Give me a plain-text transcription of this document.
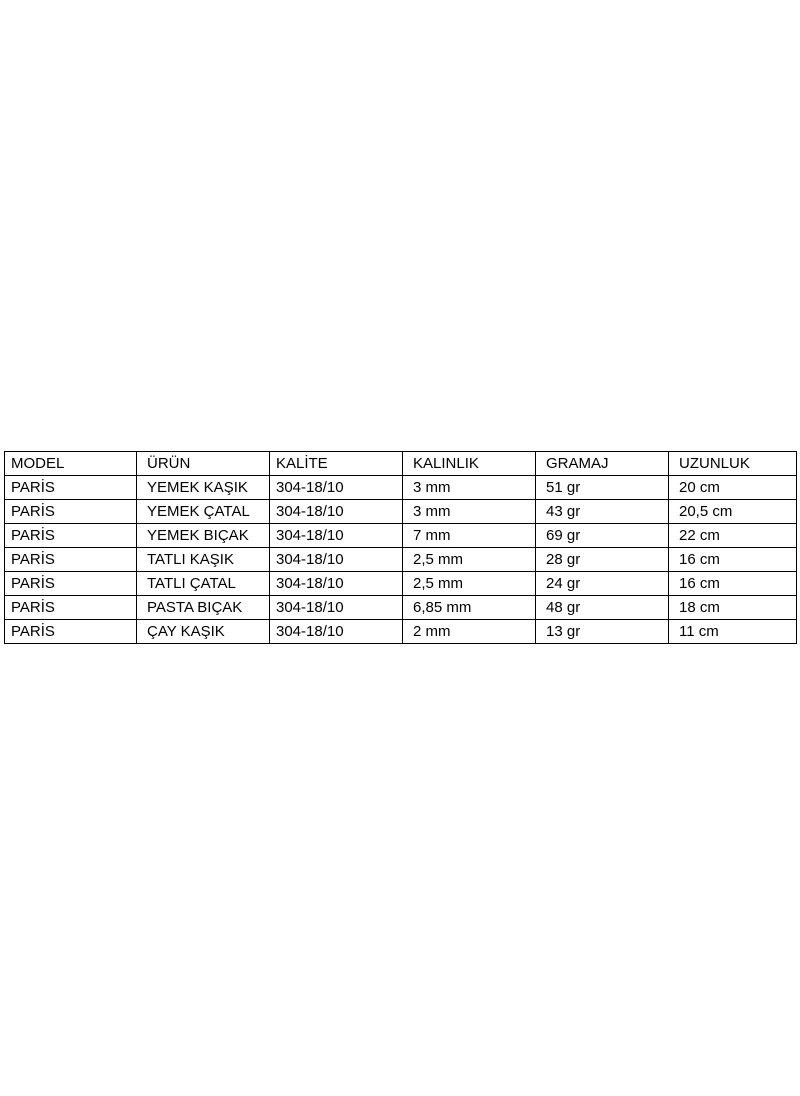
MODEL	ÜRÜN	KALİTE	KALINLIK	GRAMAJ	UZUNLUK
PARİS	YEMEK KAŞIK	304-18/10	3 mm	51 gr	20 cm
PARİS	YEMEK ÇATAL	304-18/10	3 mm	43 gr	20,5 cm
PARİS	YEMEK BIÇAK	304-18/10	7 mm	69 gr	22 cm
PARİS	TATLI KAŞIK	304-18/10	2,5 mm	28 gr	16 cm
PARİS	TATLI ÇATAL	304-18/10	2,5 mm	24 gr	16 cm
PARİS	PASTA BIÇAK	304-18/10	6,85 mm	48 gr	18 cm
PARİS	ÇAY KAŞIK	304-18/10	2 mm	13 gr	11 cm
